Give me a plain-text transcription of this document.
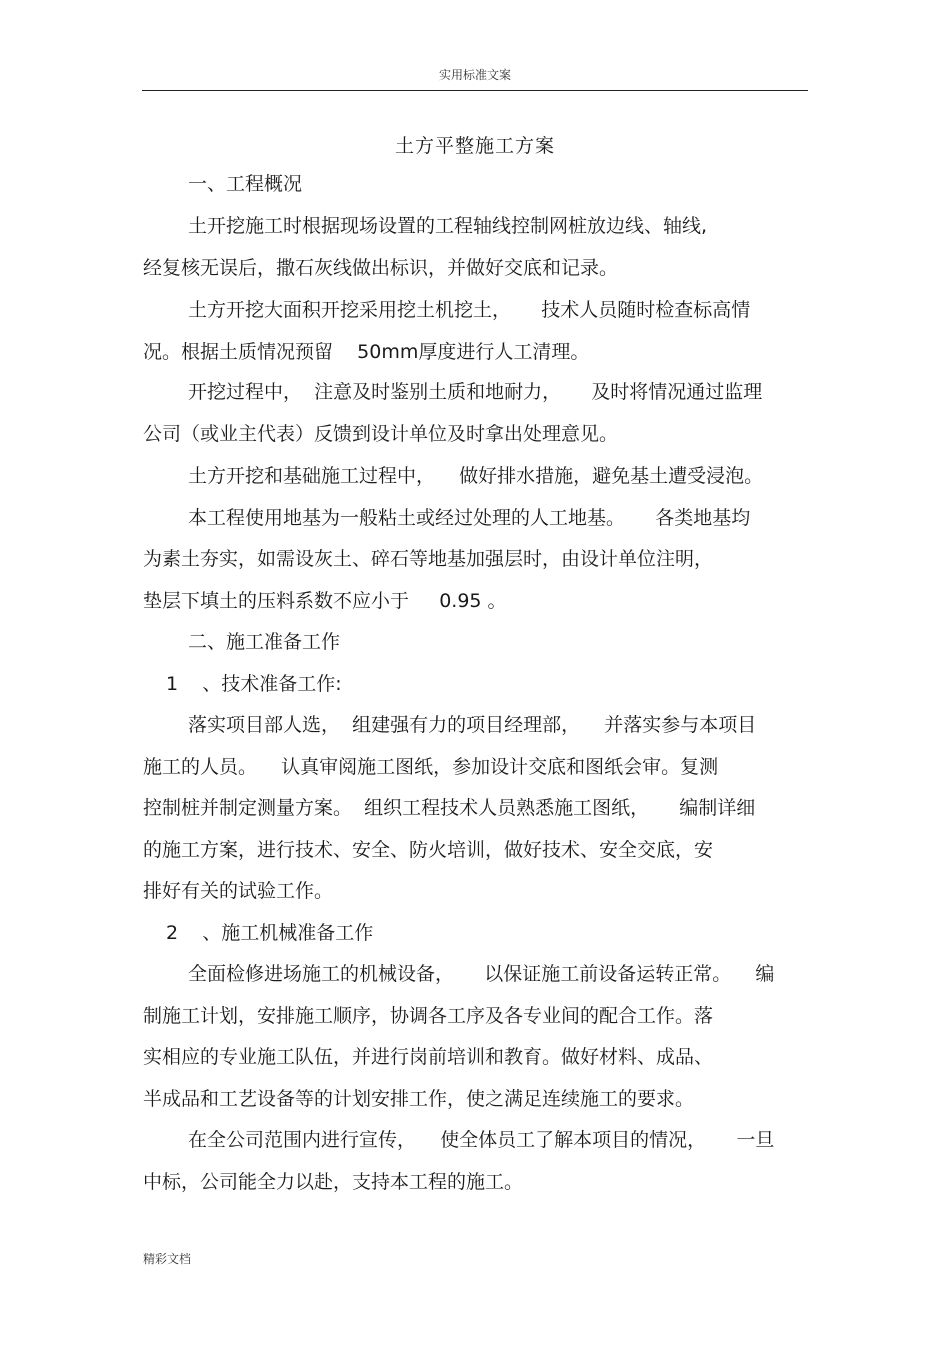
实用标准文案
土方平整施工方案
一、工程概况
土开挖施工时根据现场设置的工程轴线控制网桩放边线、轴线,
经复核无误后，撒石灰线做出标识，并做好交底和记录。
土方开挖大面积开挖采用挖土机挖土，     技术人员随时检查标高情
况。根据土质情况预留    50mm厚度进行人工清理。
开挖过程中，  注意及时鉴别土质和地耐力，     及时将情况通过监理
公司（或业主代表）反馈到设计单位及时拿出处理意见。
土方开挖和基础施工过程中，    做好排水措施，避免基土遭受浸泡。
本工程使用地基为一般粘土或经过处理的人工地基。     各类地基均
为素土夯实，如需设灰土、碎石等地基加强层时，由设计单位注明，
垫层下填土的压料系数不应小于     0.95 。
二、施工准备工作
1    、技术准备工作:
落实项目部人选，  组建强有力的项目经理部，    并落实参与本项目
施工的人员。    认真审阅施工图纸，参加设计交底和图纸会审。复测
控制桩并制定测量方案。  组织工程技术人员熟悉施工图纸，     编制详细
的施工方案，进行技术、安全、防火培训，做好技术、安全交底，安
排好有关的试验工作。
2    、施工机械准备工作
全面检修进场施工的机械设备，     以保证施工前设备运转正常。    编
制施工计划，安排施工顺序，协调各工序及各专业间的配合工作。落
实相应的专业施工队伍，并进行岗前培训和教育。做好材料、成品、
半成品和工艺设备等的计划安排工作，使之满足连续施工的要求。
在全公司范围内进行宣传，    使全体员工了解本项目的情况，     一旦
中标，公司能全力以赴，支持本工程的施工。
精彩文档
